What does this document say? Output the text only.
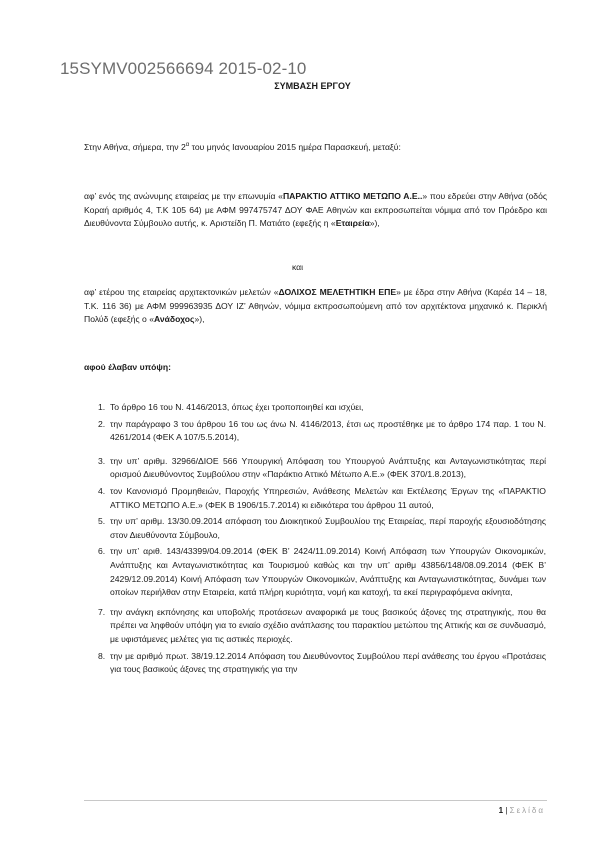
15SYMV002566694 2015-02-10
ΣΥΜΒΑΣΗ ΕΡΓΟΥ
Στην Αθήνα, σήμερα, την $2^\alpha$ του μηνός Ιανουαρίου 2015 ημέρα Παρασκευή, μεταξύ:
αφ’ ενός της ανώνυμης εταιρείας με την επωνυμία «ΠΑΡΑΚΤΙΟ ΑΤΤΙΚΟ ΜΕΤΩΠΟ Α.Ε..» που εδρεύει στην Αθήνα (οδός Κοραή αριθμός 4, Τ.Κ 105 64) με ΑΦΜ 997475747 ΔΟΥ ΦΑΕ Αθηνών και εκπροσωπείται νόμιμα από τον Πρόεδρο και Διευθύνοντα Σύμβουλο αυτής, κ. Αριστείδη Π. Ματιάτο (εφεξής η «Εταιρεία»),
και
αφ’ ετέρου της εταιρείας αρχιτεκτονικών μελετών «ΔΟΛΙΧΟΣ ΜΕΛΕΤΗΤΙΚΗ ΕΠΕ» με έδρα στην Αθήνα (Καρέα 14 – 18, Τ.Κ. 116 36) με ΑΦΜ 999963935 ΔΟΥ ΙΖ’ Αθηνών, νόμιμα εκπροσωπούμενη από τον αρχιτέκτονα μηχανικό κ. Περικλή Πολύδ (εφεξής ο «Ανάδοχος»),
αφού έλαβαν υπόψη:
1. Το άρθρο 16 του Ν. 4146/2013, όπως έχει τροποποιηθεί και ισχύει,
2. την παράγραφο 3 του άρθρου 16 του ως άνω Ν. 4146/2013, έτσι ως προστέθηκε με το άρθρο 174 παρ. 1 του Ν. 4261/2014 (ΦΕΚ Α 107/5.5.2014),
3. την υπ’ αριθμ. 32966/ΔΙΟΕ 566 Υπουργική Απόφαση του Υπουργού Ανάπτυξης και Ανταγωνιστικότητας περί ορισμού Διευθύνοντος Συμβούλου στην «Παράκτιο Αττικό Μέτωπο Α.Ε.» (ΦΕΚ 370/1.8.2013),
4. τον Κανονισμό Προμηθειών, Παροχής Υπηρεσιών, Ανάθεσης Μελετών και Εκτέλεσης Έργων της «ΠΑΡΑΚΤΙΟ ΑΤΤΙΚΟ ΜΕΤΩΠΟ Α.Ε.» (ΦΕΚ Β 1906/15.7.2014) κι ειδικότερα του άρθρου 11 αυτού,
5. την υπ’ αριθμ. 13/30.09.2014 απόφαση του Διοικητικού Συμβουλίου της Εταιρείας, περί παροχής εξουσιοδότησης στον Διευθύνοντα Σύμβουλο,
6. την υπ’ αριθ. 143/43399/04.09.2014 (ΦΕΚ Β’ 2424/11.09.2014) Κοινή Απόφαση των Υπουργών Οικονομικών, Ανάπτυξης και Ανταγωνιστικότητας και Τουρισμού καθώς και την υπ’ αριθμ 43856/148/08.09.2014 (ΦΕΚ Β’ 2429/12.09.2014) Κοινή Απόφαση των Υπουργών Οικονομικών, Ανάπτυξης και Ανταγωνιστικότητας, δυνάμει των οποίων περιήλθαν στην Εταιρεία, κατά πλήρη κυριότητα, νομή και κατοχή, τα εκεί περιγραφόμενα ακίνητα,
7. την ανάγκη εκπόνησης και υποβολής προτάσεων αναφορικά με τους βασικούς άξονες της στρατηγικής, που θα πρέπει να ληφθούν υπόψη για το ενιαίο σχέδιο ανάπλασης του παρακτίου μετώπου της Αττικής και σε συνδυασμό, με υφιστάμενες μελέτες για τις αστικές περιοχές.
8. την με αριθμό πρωτ. 38/19.12.2014 Απόφαση του Διευθύνοντος Συμβούλου περί ανάθεσης του έργου «Προτάσεις για τους βασικούς άξονες της στρατηγικής για την
1 | Σελίδα
